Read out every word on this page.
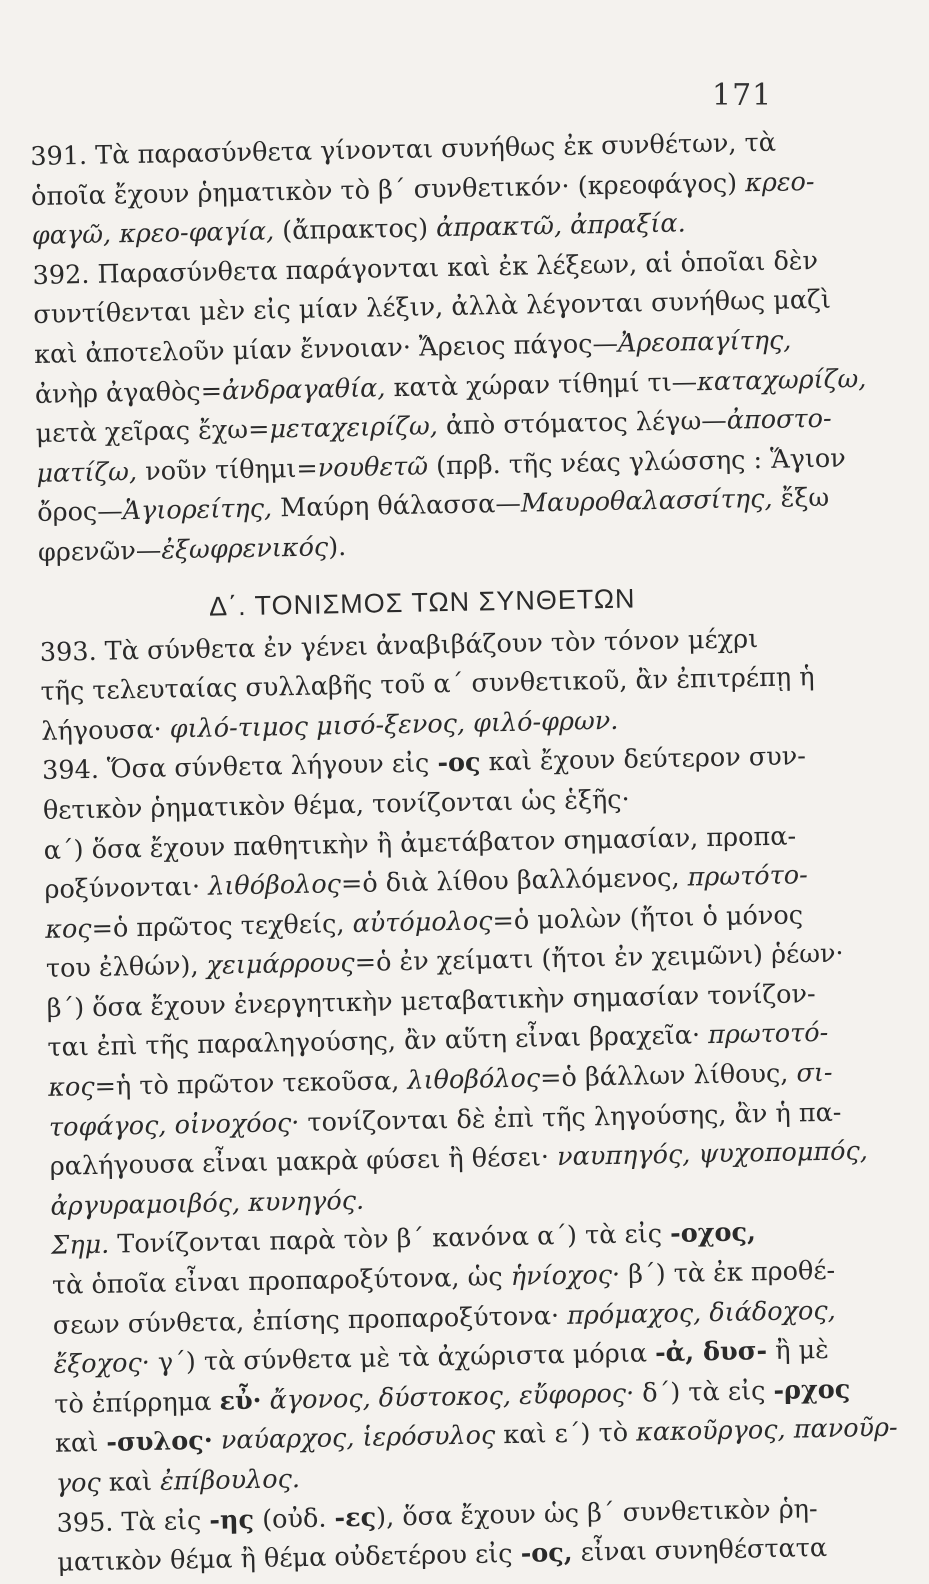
171
391. Τὰ παρασύνθετα γίνονται συνήθως ἐκ συνθέτων, τὰ
ὁποῖα ἔχουν ῥηματικὸν τὸ β΄ συνθετικόν· (κρεοφάγος) κρεο-
φαγῶ, κρεο-φαγία, (ἄπρακτος) ἀπρακτῶ, ἀπραξία.
392. Παρασύνθετα παράγονται καὶ ἐκ λέξεων, αἱ ὁποῖαι δὲν
συντίθενται μὲν εἰς μίαν λέξιν, ἀλλὰ λέγονται συνήθως μαζὶ
καὶ ἀποτελοῦν μίαν ἔννοιαν· Ἄρειος πάγος—Ἀρεοπαγίτης,
ἀνὴρ ἀγαθὸς=ἀνδραγαθία, κατὰ χώραν τίθημί τι—καταχωρίζω,
μετὰ χεῖρας ἔχω=μεταχειρίζω, ἀπὸ στόματος λέγω—ἀποστο-
ματίζω, νοῦν τίθημι=νουθετῶ (πρβ. τῆς νέας γλώσσης : Ἅγιον
ὄρος—Ἁγιορείτης, Μαύρη θάλασσα—Μαυροθαλασσίτης, ἔξω
φρενῶν—ἐξωφρενικός).
Δ΄. ΤΟΝΙΣΜΟΣ ΤΩΝ ΣΥΝΘΕΤΩΝ
393. Τὰ σύνθετα ἐν γένει ἀναβιβάζουν τὸν τόνον μέχρι
τῆς τελευταίας συλλαβῆς τοῦ α΄ συνθετικοῦ, ἂν ἐπιτρέπῃ ἡ
λήγουσα· φιλό-τιμος μισό-ξενος, φιλό-φρων.
394. Ὅσα σύνθετα λήγουν εἰς -ος καὶ ἔχουν δεύτερον συν-
θετικὸν ῥηματικὸν θέμα, τονίζονται ὡς ἑξῆς·
α΄) ὅσα ἔχουν παθητικὴν ἢ ἀμετάβατον σημασίαν, προπα-
ροξύνονται· λιθόβολος=ὁ διὰ λίθου βαλλόμενος, πρωτότο-
κος=ὁ πρῶτος τεχθείς, αὐτόμολος=ὁ μολὼν (ἤτοι ὁ μόνος
του ἐλθών), χειμάρρους=ὁ ἐν χείματι (ἤτοι ἐν χειμῶνι) ῥέων·
β΄) ὅσα ἔχουν ἐνεργητικὴν μεταβατικὴν σημασίαν τονίζον-
ται ἐπὶ τῆς παραληγούσης, ἂν αὕτη εἶναι βραχεῖα· πρωτοτό-
κος=ἡ τὸ πρῶτον τεκοῦσα, λιθοβόλος=ὁ βάλλων λίθους, σι-
τοφάγος, οἰνοχόος· τονίζονται δὲ ἐπὶ τῆς ληγούσης, ἂν ἡ πα-
ραλήγουσα εἶναι μακρὰ φύσει ἢ θέσει· ναυπηγός, ψυχοπομπός,
ἀργυραμοιβός, κυνηγός.
Σημ. Τονίζονται παρὰ τὸν β΄ κανόνα α΄) τὰ εἰς -οχος,
τὰ ὁποῖα εἶναι προπαροξύτονα, ὡς ἡνίοχος· β΄) τὰ ἐκ προθέ-
σεων σύνθετα, ἐπίσης προπαροξύτονα· πρόμαχος, διάδοχος,
ἔξοχος· γ΄) τὰ σύνθετα μὲ τὰ ἀχώριστα μόρια -ἀ, δυσ- ἢ μὲ
τὸ ἐπίρρημα εὖ· ἄγονος, δύστοκος, εὔφορος· δ΄) τὰ εἰς -ρχος
καὶ -συλος· ναύαρχος, ἱερόσυλος καὶ ε΄) τὸ κακοῦργος, πανοῦρ-
γος καὶ ἐπίβουλος.
395. Τὰ εἰς -ης (οὐδ. -ες), ὅσα ἔχουν ὡς β΄ συνθετικὸν ῥη-
ματικὸν θέμα ἢ θέμα οὐδετέρου εἰς -ος, εἶναι συνηθέστατα
